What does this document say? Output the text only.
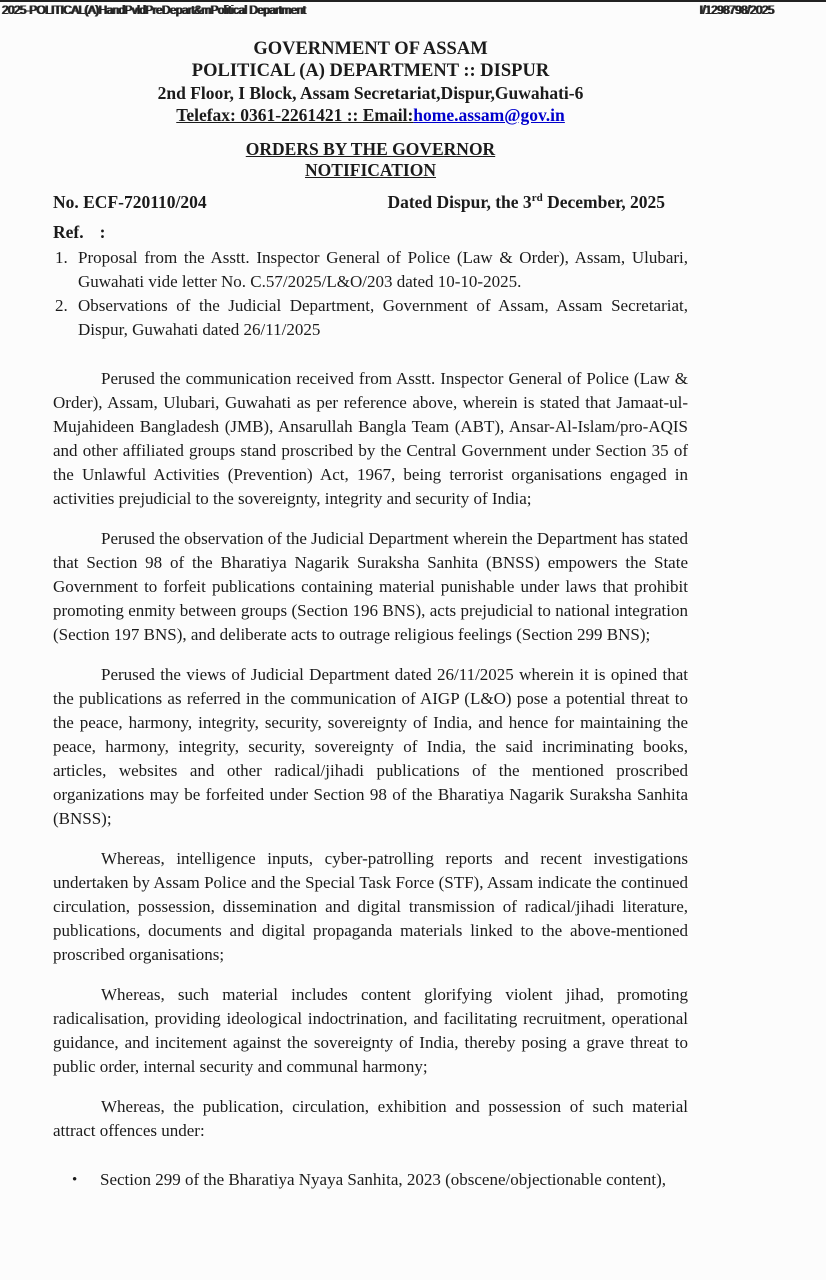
2025-POLITICAL(A)HandPvldPreDepart&mPolitical Department	I/1298798/2025
GOVERNMENT OF ASSAM
POLITICAL (A) DEPARTMENT :: DISPUR
2nd Floor, I Block, Assam Secretariat,Dispur,Guwahati-6
Telefax: 0361-2261421 :: Email:home.assam@gov.in
ORDERS BY THE GOVERNOR
NOTIFICATION
No. ECF-720110/204	Dated Dispur, the 3rd December, 2025
Ref. :
Proposal from the Asstt. Inspector General of Police (Law & Order), Assam, Ulubari, Guwahati vide letter No. C.57/2025/L&O/203 dated 10-10-2025.
Observations of the Judicial Department, Government of Assam, Assam Secretariat, Dispur, Guwahati dated 26/11/2025

Perused the communication received from Asstt. Inspector General of Police (Law & Order), Assam, Ulubari, Guwahati as per reference above, wherein is stated that Jamaat-ul-Mujahideen Bangladesh (JMB), Ansarullah Bangla Team (ABT), Ansar-Al-Islam/pro-AQIS and other affiliated groups stand proscribed by the Central Government under Section 35 of the Unlawful Activities (Prevention) Act, 1967, being terrorist organisations engaged in activities prejudicial to the sovereignty, integrity and security of India;

Perused the observation of the Judicial Department wherein the Department has stated that Section 98 of the Bharatiya Nagarik Suraksha Sanhita (BNSS) empowers the State Government to forfeit publications containing material punishable under laws that prohibit promoting enmity between groups (Section 196 BNS), acts prejudicial to national integration (Section 197 BNS), and deliberate acts to outrage religious feelings (Section 299 BNS);

Perused the views of Judicial Department dated 26/11/2025 wherein it is opined that the publications as referred in the communication of AIGP (L&O) pose a potential threat to the peace, harmony, integrity, security, sovereignty of India, and hence for maintaining the peace, harmony, integrity, security, sovereignty of India, the said incriminating books, articles, websites and other radical/jihadi publications of the mentioned proscribed organizations may be forfeited under Section 98 of the Bharatiya Nagarik Suraksha Sanhita (BNSS);

Whereas, intelligence inputs, cyber-patrolling reports and recent investigations undertaken by Assam Police and the Special Task Force (STF), Assam indicate the continued circulation, possession, dissemination and digital transmission of radical/jihadi literature, publications, documents and digital propaganda materials linked to the above-mentioned proscribed organisations;

Whereas, such material includes content glorifying violent jihad, promoting radicalisation, providing ideological indoctrination, and facilitating recruitment, operational guidance, and incitement against the sovereignty of India, thereby posing a grave threat to public order, internal security and communal harmony;

Whereas, the publication, circulation, exhibition and possession of such material attract offences under:

• Section 299 of the Bharatiya Nyaya Sanhita, 2023 (obscene/objectionable content),
